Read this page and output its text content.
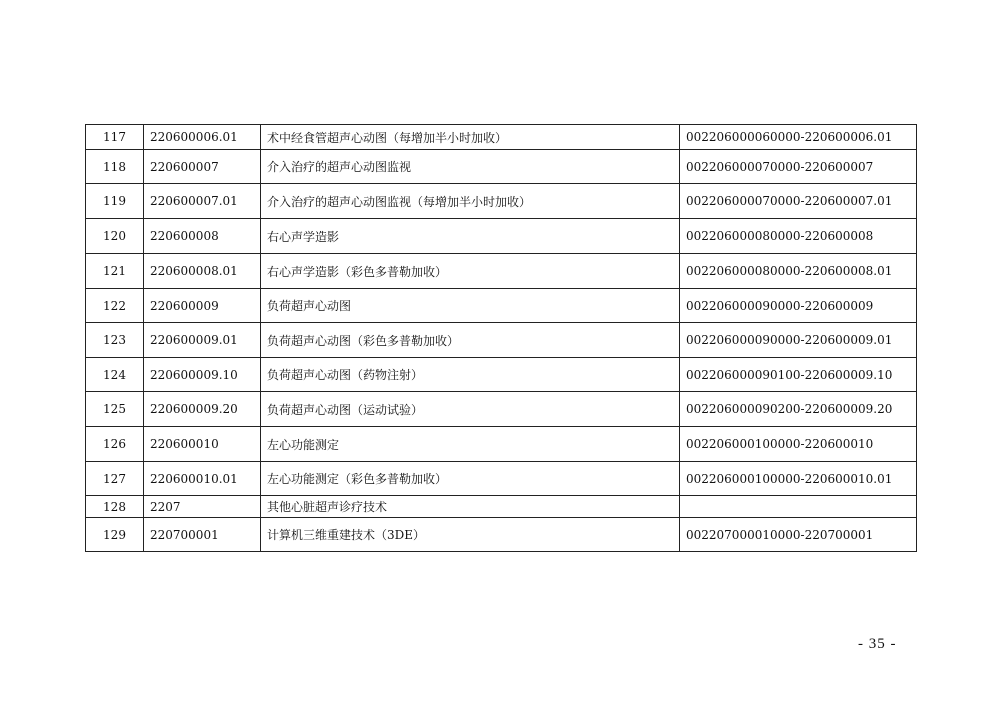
117	220600006.01	术中经食管超声心动图（每增加半小时加收）	002206000060000-220600006.01
118	220600007	介入治疗的超声心动图监视	002206000070000-220600007
119	220600007.01	介入治疗的超声心动图监视（每增加半小时加收）	002206000070000-220600007.01
120	220600008	右心声学造影	002206000080000-220600008
121	220600008.01	右心声学造影（彩色多普勒加收）	002206000080000-220600008.01
122	220600009	负荷超声心动图	002206000090000-220600009
123	220600009.01	负荷超声心动图（彩色多普勒加收）	002206000090000-220600009.01
124	220600009.10	负荷超声心动图（药物注射）	002206000090100-220600009.10
125	220600009.20	负荷超声心动图（运动试验）	002206000090200-220600009.20
126	220600010	左心功能测定	002206000100000-220600010
127	220600010.01	左心功能测定（彩色多普勒加收）	002206000100000-220600010.01
128	2207	其他心脏超声诊疗技术	
129	220700001	计算机三维重建技术（3DE）	002207000010000-220700001
- 35 -
